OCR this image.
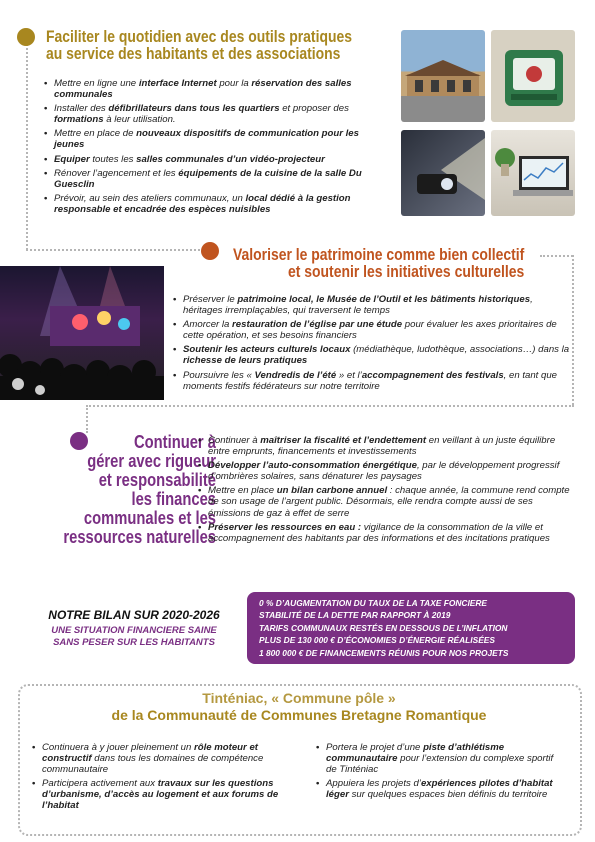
Faciliter le quotidien avec des outils pratiques
au service des habitants et des associations
• Mettre en ligne une interface Internet pour la réservation des salles communales
• Installer des défibrillateurs dans tous les quartiers et proposer des formations à leur utilisation.
• Mettre en place de nouveaux dispositifs de communication pour les jeunes
• Equiper toutes les salles communales d’un vidéo-projecteur
• Rénover l’agencement et les équipements de la cuisine de la salle Du Guesclin
• Prévoir, au sein des ateliers communaux, un local dédié à la gestion responsable et encadrée des espèces nuisibles
Valoriser le patrimoine comme bien collectif
et soutenir les initiatives culturelles
• Préserver le patrimoine local, le Musée de l’Outil et les bâtiments historiques, héritages irremplaçables, qui traversent le temps
• Amorcer la restauration de l’église par une étude pour évaluer les axes prioritaires de cette opération, et ses besoins financiers
• Soutenir les acteurs culturels locaux (médiathèque, ludothèque, associations…) dans la richesse de leurs pratiques
• Poursuivre les « Vendredis de l’été » et l’accompagnement des festivals, en tant que moments festifs fédérateurs sur notre territoire
Continuer à
gérer avec rigueur
et responsabilité
les finances
communales et les
ressources naturelles
• Continuer à maîtriser la fiscalité et l’endettement en veillant à un juste équilibre entre emprunts, financements et investissements
• Développer l’auto-consommation énergétique, par le développement progressif d’ombrières solaires, sans dénaturer les paysages
• Mettre en place un bilan carbone annuel : chaque année, la commune rend compte de son usage de l’argent public. Désormais, elle rendra compte aussi de ses émissions de gaz à effet de serre
• Préserver les ressources en eau : vigilance de la consommation de la ville et accompagnement des habitants par des informations et des incitations pratiques
NOTRE BILAN SUR 2020-2026
UNE SITUATION FINANCIERE SAINE
SANS PESER SUR LES HABITANTS
0 % D’AUGMENTATION DU TAUX DE LA TAXE FONCIERE
STABILITÉ DE LA DETTE PAR RAPPORT À 2019
TARIFS COMMUNAUX RESTÉS EN DESSOUS DE L’INFLATION
PLUS DE 130 000 € D’ÉCONOMIES D’ÉNERGIE RÉALISÉES
1 800 000 € DE FINANCEMENTS RÉUNIS POUR NOS PROJETS
Tinténiac, « Commune pôle »
de la Communauté de Communes Bretagne Romantique
• Continuera à y jouer pleinement un rôle moteur et constructif dans tous les domaines de compétence communautaire
• Participera activement aux travaux sur les questions d’urbanisme, d’accès au logement et aux forums de l’habitat
• Portera le projet d’une piste d’athlétisme communautaire pour l’extension du complexe sportif de Tinténiac
• Appuiera les projets d’expériences pilotes d’habitat léger sur quelques espaces bien définis du territoire
